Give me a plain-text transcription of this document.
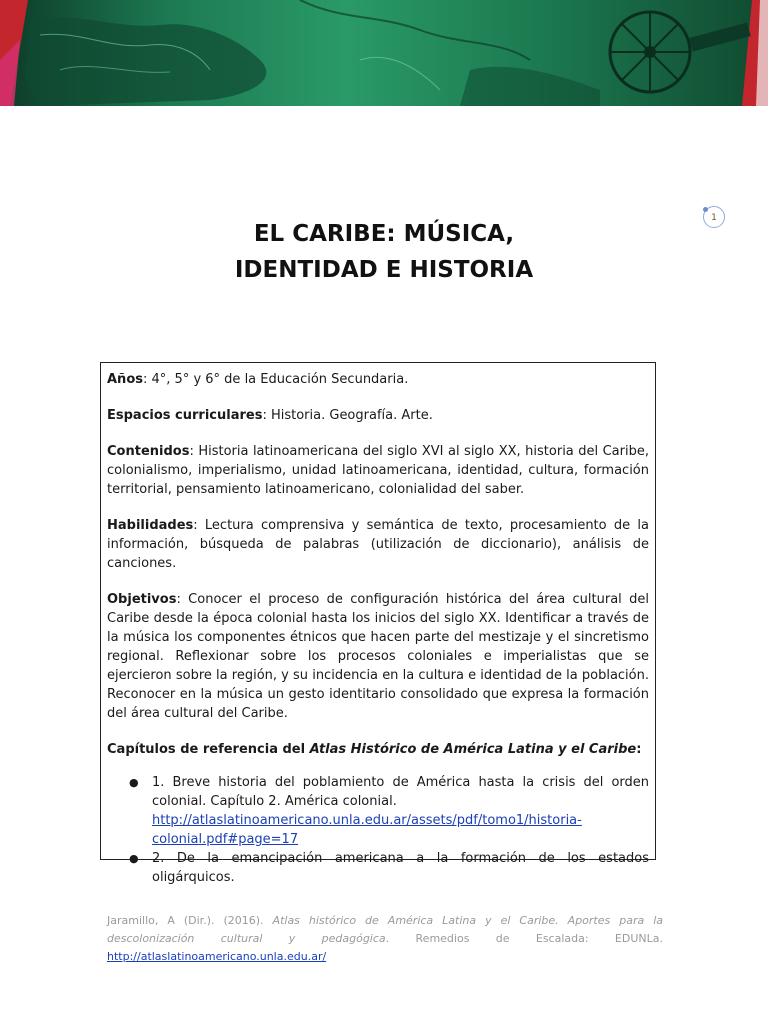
1
EL CARIBE: MÚSICA,
IDENTIDAD E HISTORIA

Años: 4°, 5° y 6° de la Educación Secundaria.

Espacios curriculares: Historia. Geografía. Arte.

Contenidos: Historia latinoamericana del siglo XVI al siglo XX, historia del Caribe, colonialismo, imperialismo, unidad latinoamericana, identidad, cultura, formación territorial, pensamiento latinoamericano, colonialidad del saber.

Habilidades: Lectura comprensiva y semántica de texto, procesamiento de la información, búsqueda de palabras (utilización de diccionario), análisis de canciones.

Objetivos: Conocer el proceso de configuración histórica del área cultural del Caribe desde la época colonial hasta los inicios del siglo XX. Identificar a través de la música los componentes étnicos que hacen parte del mestizaje y el sincretismo regional. Reflexionar sobre los procesos coloniales e imperialistas que se ejercieron sobre la región, y su incidencia en la cultura e identidad de la población. Reconocer en la música un gesto identitario consolidado que expresa la formación del área cultural del Caribe.

Capítulos de referencia del Atlas Histórico de América Latina y el Caribe:

● 1. Breve historia del poblamiento de América hasta la crisis del orden colonial. Capítulo 2. América colonial.
http://atlaslatinoamericano.unla.edu.ar/assets/pdf/tomo1/historia-colonial.pdf#page=17
● 2. De la emancipación americana a la formación de los estados oligárquicos.
Jaramillo, A (Dir.). (2016). Atlas histórico de América Latina y el Caribe. Aportes para la descolonización cultural y pedagógica. Remedios de Escalada: EDUNLa. http://atlaslatinoamericano.unla.edu.ar/
